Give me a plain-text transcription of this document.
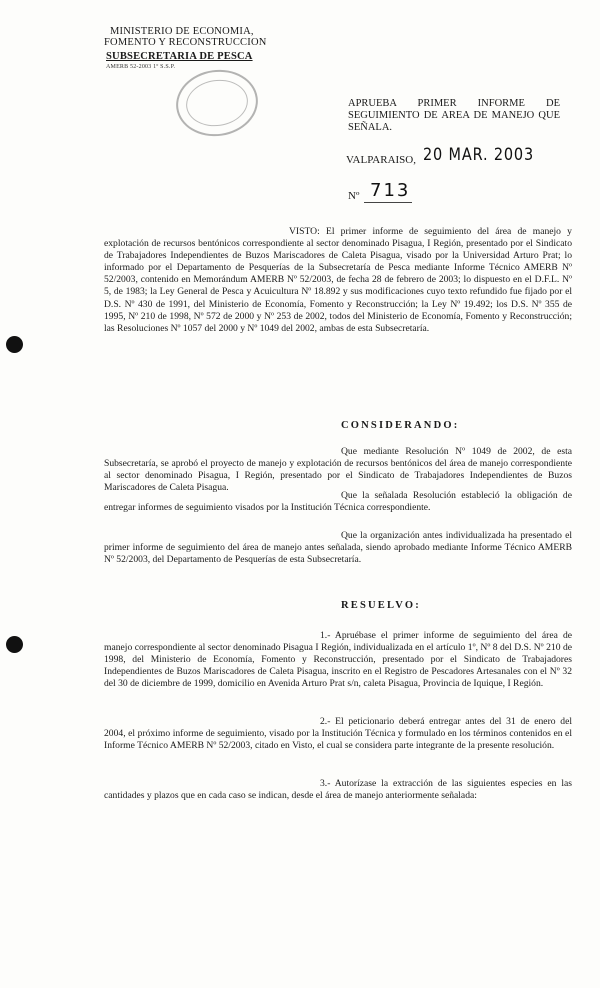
MINISTERIO DE ECONOMIA,
FOMENTO Y RECONSTRUCCION
SUBSECRETARIA DE PESCA
AMERB 52-2003 1º S.S.P.
APRUEBA PRIMER INFORME DE SEGUIMIENTO DE AREA DE MANEJO QUE SEÑALA.
VALPARAISO, 20 MAR. 2003
Nº 713
VISTO: El primer informe de seguimiento del área de manejo y explotación de recursos bentónicos correspondiente al sector denominado Pisagua, I Región, presentado por el Sindicato de Trabajadores Independientes de Buzos Mariscadores de Caleta Pisagua, visado por la Universidad Arturo Prat; lo informado por el Departamento de Pesquerías de la Subsecretaría de Pesca mediante Informe Técnico AMERB Nº 52/2003, contenido en Memorándum AMERB Nº 52/2003, de fecha 28 de febrero de 2003; lo dispuesto en el D.F.L. Nº 5, de 1983; la Ley General de Pesca y Acuicultura Nº 18.892 y sus modificaciones cuyo texto refundido fue fijado por el D.S. Nº 430 de 1991, del Ministerio de Economía, Fomento y Reconstrucción; la Ley Nº 19.492; los D.S. Nº 355 de 1995, Nº 210 de 1998, Nº 572 de 2000 y Nº 253 de 2002, todos del Ministerio de Economía, Fomento y Reconstrucción; las Resoluciones Nº 1057 del 2000 y Nº 1049 del 2002, ambas de esta Subsecretaría.
CONSIDERANDO:
Que mediante Resolución Nº 1049 de 2002, de esta Subsecretaría, se aprobó el proyecto de manejo y explotación de recursos bentónicos del área de manejo correspondiente al sector denominado Pisagua, I Región, presentado por el Sindicato de Trabajadores Independientes de Buzos Mariscadores de Caleta Pisagua.
Que la señalada Resolución estableció la obligación de entregar informes de seguimiento visados por la Institución Técnica correspondiente.
Que la organización antes individualizada ha presentado el primer informe de seguimiento del área de manejo antes señalada, siendo aprobado mediante Informe Técnico AMERB Nº 52/2003, del Departamento de Pesquerías de esta Subsecretaría.
RESUELVO:
1.- Apruébase el primer informe de seguimiento del área de manejo correspondiente al sector denominado Pisagua I Región, individualizada en el artículo 1º, Nº 8 del D.S. Nº 210 de 1998, del Ministerio de Economía, Fomento y Reconstrucción, presentado por el Sindicato de Trabajadores Independientes de Buzos Mariscadores de Caleta Pisagua, inscrito en el Registro de Pescadores Artesanales con el Nº 32 del 30 de diciembre de 1999, domicilio en Avenida Arturo Prat s/n, caleta Pisagua, Provincia de Iquique, I Región.
2.- El peticionario deberá entregar antes del 31 de enero del 2004, el próximo informe de seguimiento, visado por la Institución Técnica y formulado en los términos contenidos en el Informe Técnico AMERB Nº 52/2003, citado en Visto, el cual se considera parte integrante de la presente resolución.
3.- Autorízase la extracción de las siguientes especies en las cantidades y plazos que en cada caso se indican, desde el área de manejo anteriormente señalada:
